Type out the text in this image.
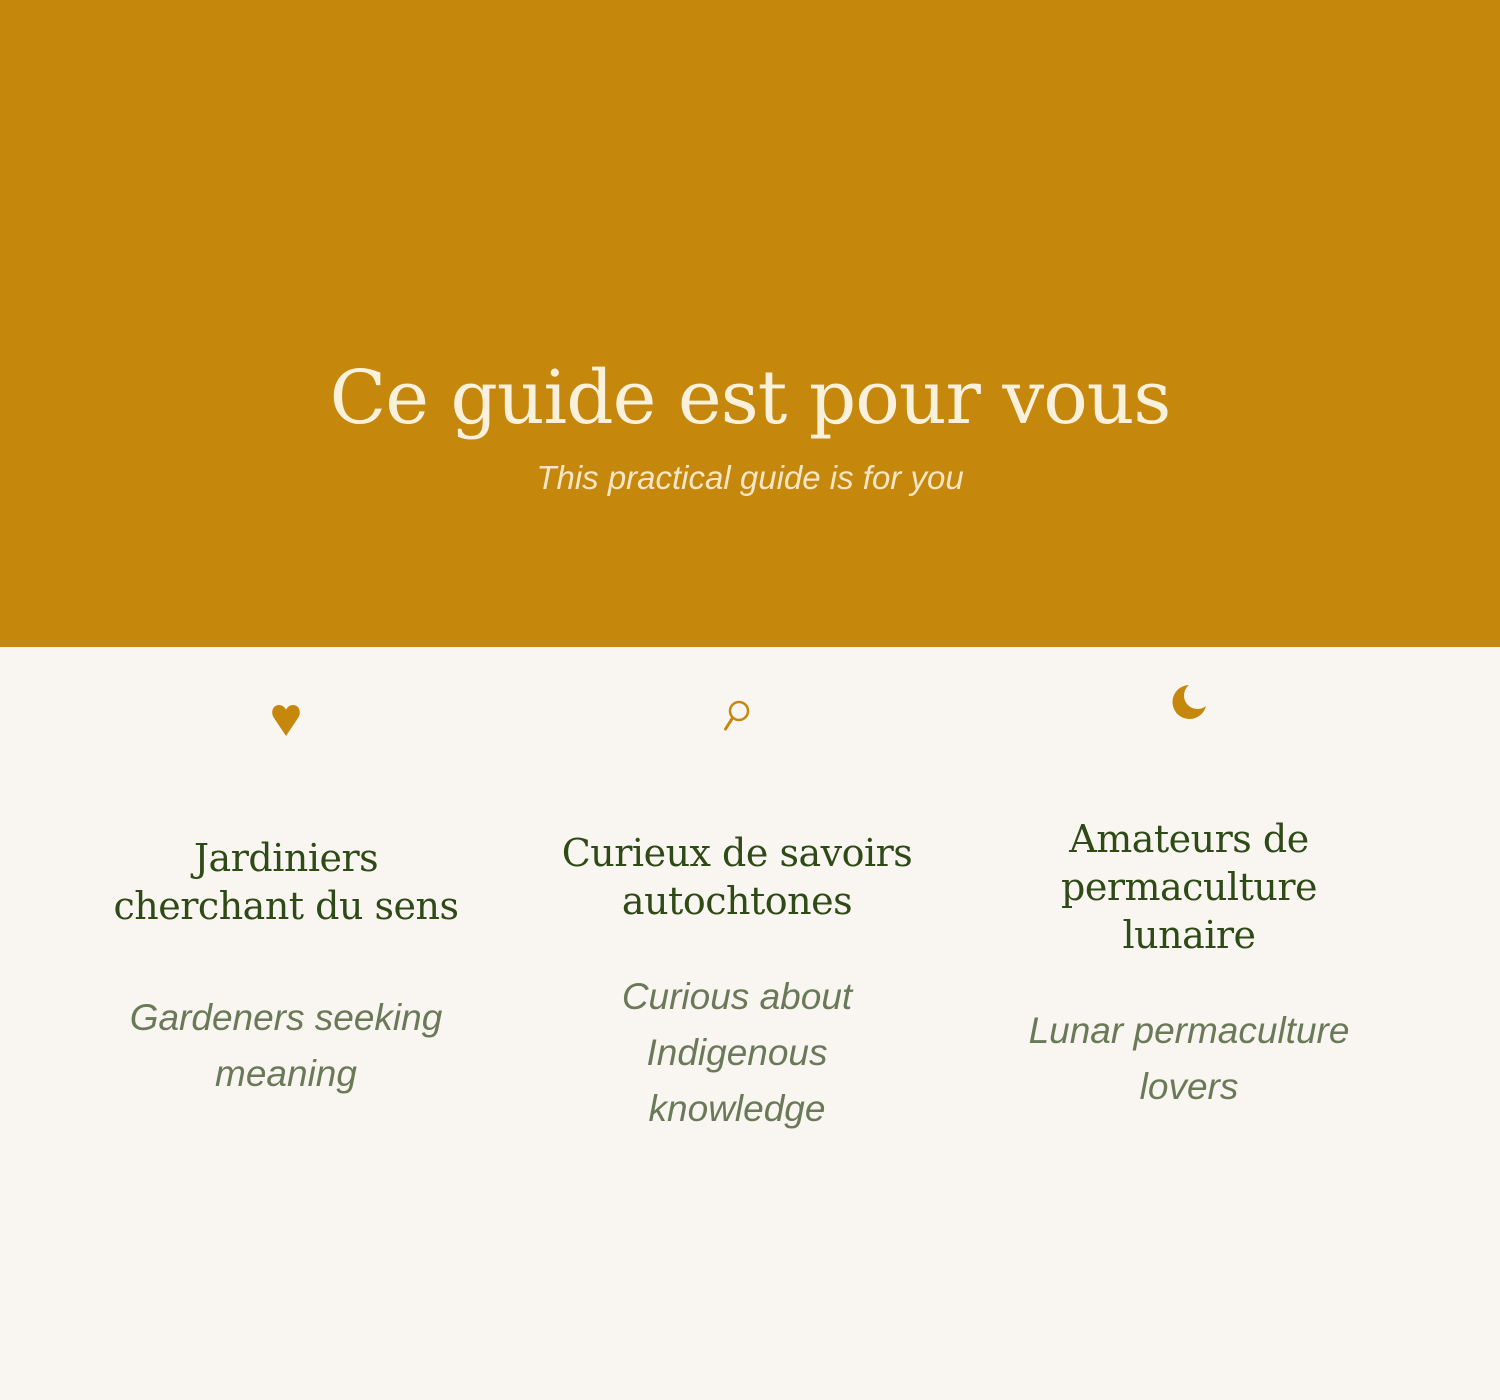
Ce guide est pour vous

This practical guide is for you

Jardiniers
cherchant du sens

Gardeners seeking
meaning

Curieux de savoirs
autochtones

Curious about
Indigenous
knowledge

Amateurs de
permaculture
lunaire

Lunar permaculture
lovers
